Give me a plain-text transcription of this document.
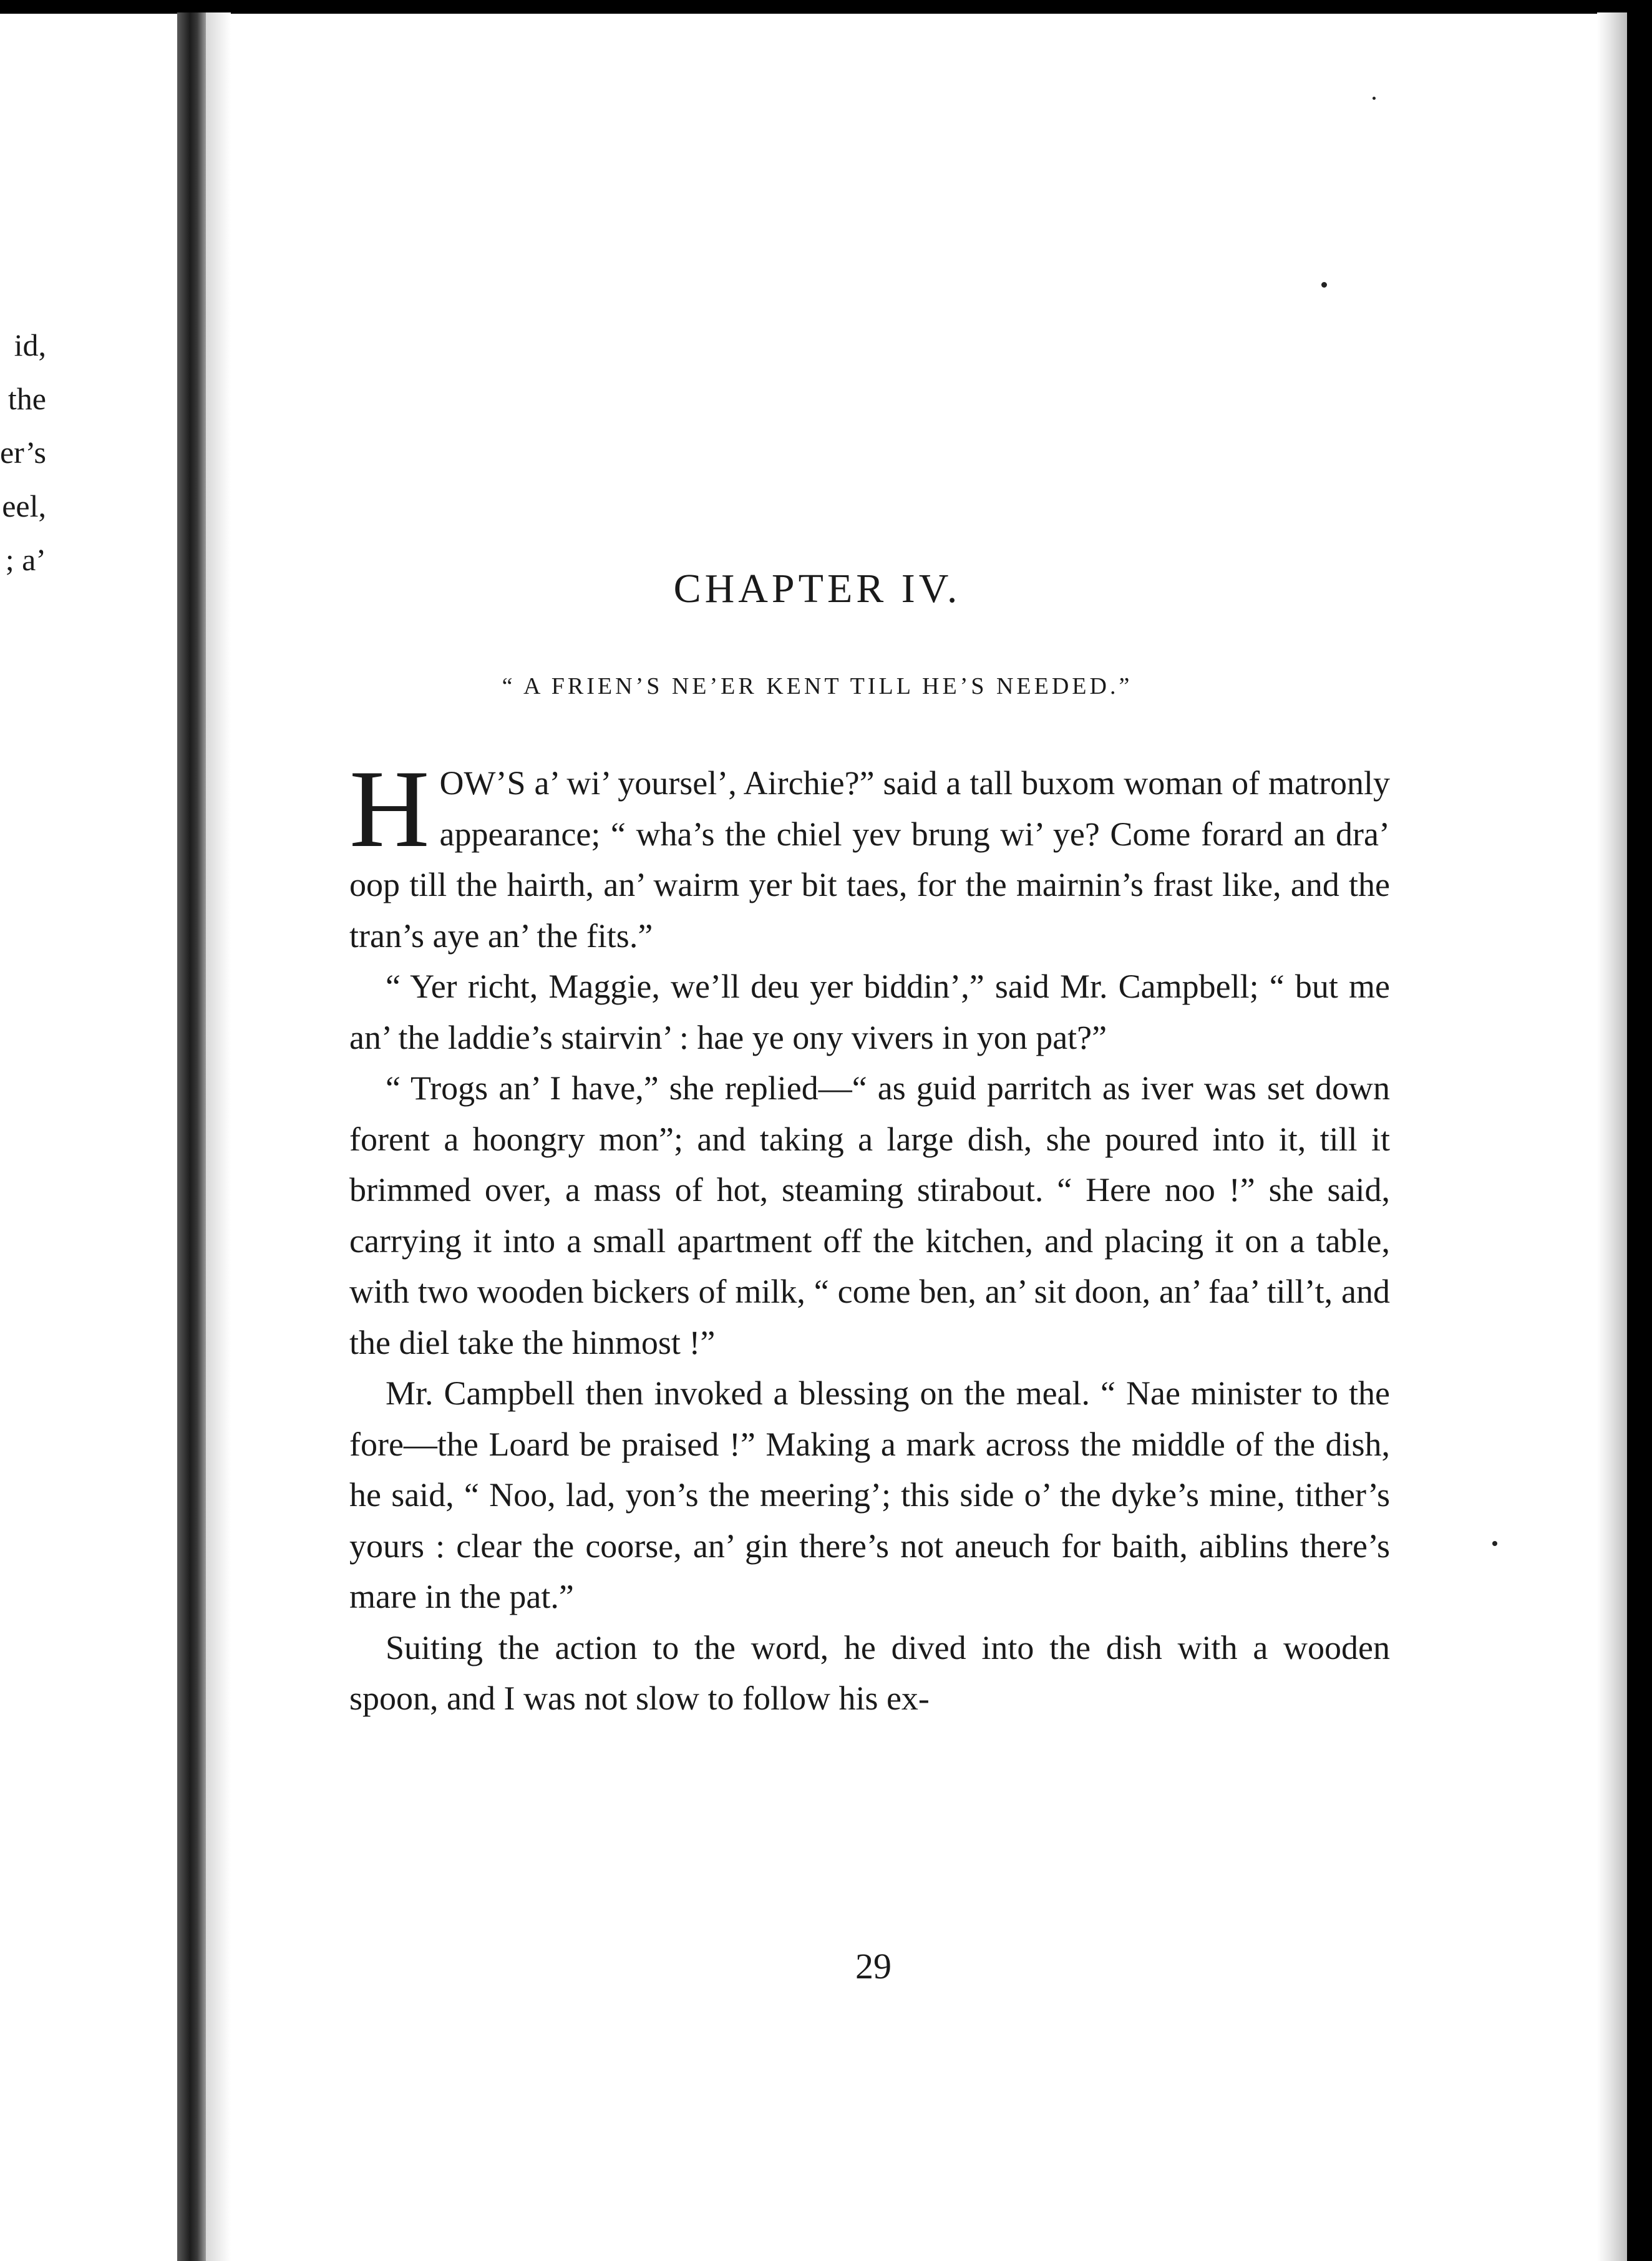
id,
the
er’s
eel,
; a’
CHAPTER IV.
“ A FRIEN’S NE’ER KENT TILL HE’S NEEDED.”

HOW’S a’ wi’ yoursel’, Airchie?” said a tall buxom woman of matronly appearance; “ wha’s the chiel yev brung wi’ ye? Come forard an dra’ oop till the hairth, an’ wairm yer bit taes, for the mairnin’s frast like, and the tran’s aye an’ the fits.”

“ Yer richt, Maggie, we’ll deu yer biddin’,” said Mr. Campbell; “ but me an’ the laddie’s stairvin’ : hae ye ony vivers in yon pat?”

“ Trogs an’ I have,” she replied—“ as guid parritch as iver was set down forent a hoongry mon”; and taking a large dish, she poured into it, till it brimmed over, a mass of hot, steaming stirabout. “ Here noo !” she said, carrying it into a small apartment off the kitchen, and placing it on a table, with two wooden bickers of milk, “ come ben, an’ sit doon, an’ faa’ till’t, and the diel take the hinmost !”

Mr. Campbell then invoked a blessing on the meal. “ Nae minister to the fore—the Loard be praised !” Making a mark across the middle of the dish, he said, “ Noo, lad, yon’s the meering’; this side o’ the dyke’s mine, tither’s yours : clear the coorse, an’ gin there’s not aneuch for baith, aiblins there’s mare in the pat.”

Suiting the action to the word, he dived into the dish with a wooden spoon, and I was not slow to follow his ex-

29
